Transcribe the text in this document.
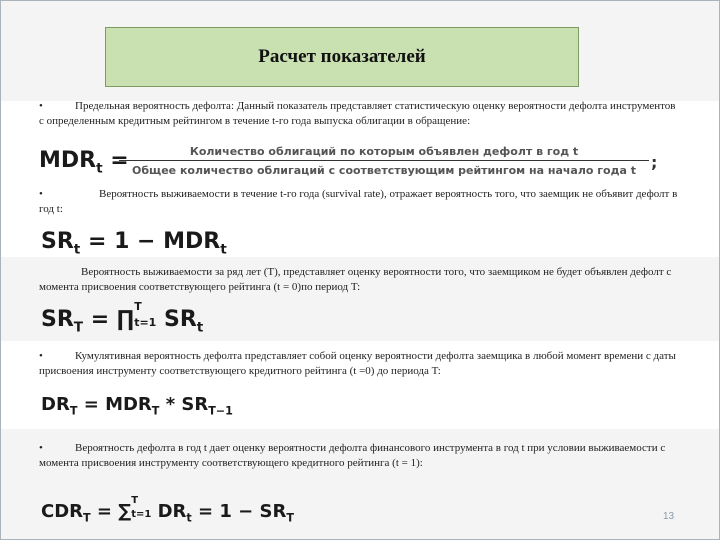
Расчет показателей

•	Предельная вероятность дефолта: Данный показатель представляет статистическую оценку вероятности дефолта инструментов с определенным кредитным рейтингом в течение t-го года выпуска облигации в обращение:

$MDR_t$ =	Количество облигаций по которым объявлен дефолт в год t
Общее количество облигаций с соответствующим рейтингом на начало года t ;

•	Вероятность выживаемости в течение t-го года (survival rate), отражает вероятность того, что заемщик не объявит дефолт в год t:

$SR_t = 1 - MDR_t$

Вероятность выживаемости за ряд лет (T), представляет оценку вероятности того, что заемщиком не будет объявлен дефолт с момента присвоения соответствующего рейтинга (t = 0)по период T:

$SR_T$ = ∏
T
t=1 $SR_t$

•	Кумулятивная вероятность дефолта представляет собой оценку вероятности дефолта заемщика в любой момент времени с даты присвоения инструменту соответствующего кредитного рейтинга (t =0) до периода T:

$DR_T = MDR_T * SR_{T-1}$

•	Вероятность дефолта в год t дает оценку вероятности дефолта финансового инструмента в год t при условии выживаемости с момента присвоения инструменту соответствующего кредитного рейтинга (t = 1):

$CDR_T$ = ∑
T
t=1 $DR_t = 1 - SR_T$	13
